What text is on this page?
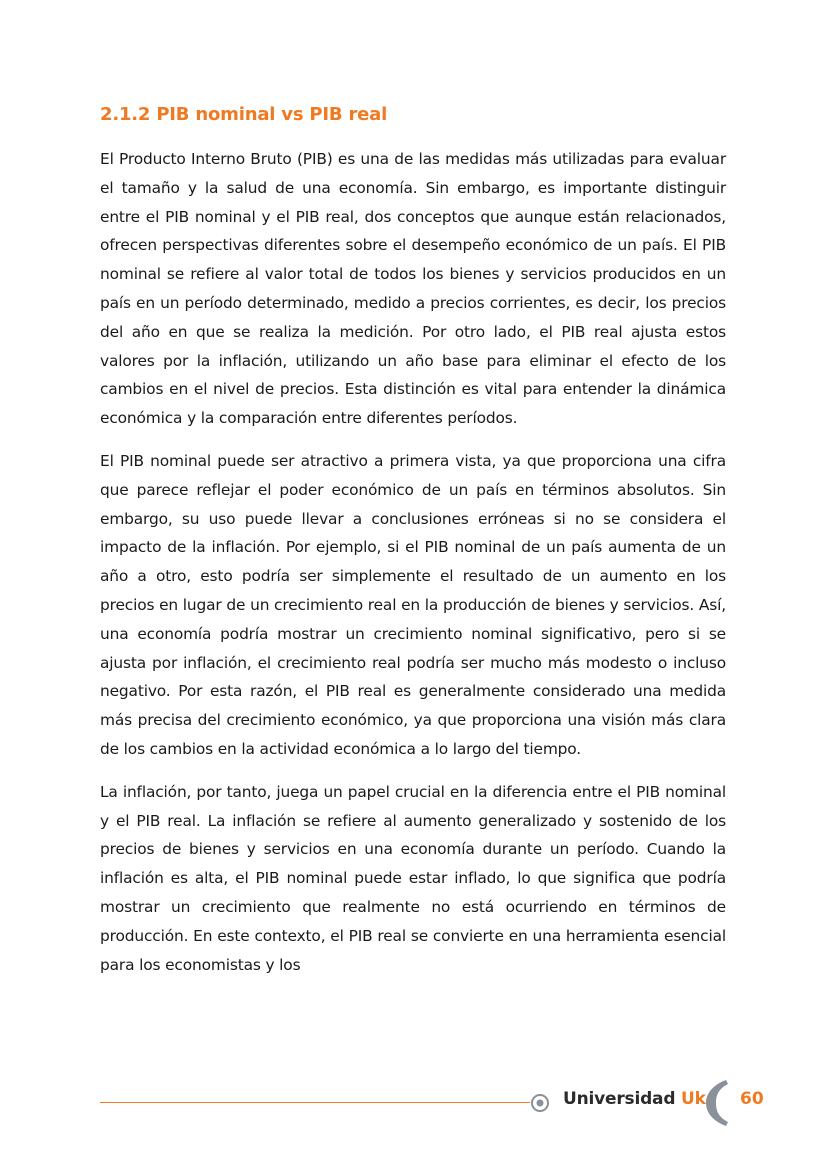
2.1.2 PIB nominal vs PIB real

El Producto Interno Bruto (PIB) es una de las medidas más utilizadas para evaluar el tamaño y la salud de una economía. Sin embargo, es importante distinguir entre el PIB nominal y el PIB real, dos conceptos que aunque están relacionados, ofrecen perspectivas diferentes sobre el desempeño económico de un país. El PIB nominal se refiere al valor total de todos los bienes y servicios producidos en un país en un período determinado, medido a precios corrientes, es decir, los precios del año en que se realiza la medición. Por otro lado, el PIB real ajusta estos valores por la inflación, utilizando un año base para eliminar el efecto de los cambios en el nivel de precios. Esta distinción es vital para entender la dinámica económica y la comparación entre diferentes períodos.

El PIB nominal puede ser atractivo a primera vista, ya que proporciona una cifra que parece reflejar el poder económico de un país en términos absolutos. Sin embargo, su uso puede llevar a conclusiones erróneas si no se considera el impacto de la inflación. Por ejemplo, si el PIB nominal de un país aumenta de un año a otro, esto podría ser simplemente el resultado de un aumento en los precios en lugar de un crecimiento real en la producción de bienes y servicios. Así, una economía podría mostrar un crecimiento nominal significativo, pero si se ajusta por inflación, el crecimiento real podría ser mucho más modesto o incluso negativo. Por esta razón, el PIB real es generalmente considerado una medida más precisa del crecimiento económico, ya que proporciona una visión más clara de los cambios en la actividad económica a lo largo del tiempo.

La inflación, por tanto, juega un papel crucial en la diferencia entre el PIB nominal y el PIB real. La inflación se refiere al aumento generalizado y sostenido de los precios de bienes y servicios en una economía durante un período. Cuando la inflación es alta, el PIB nominal puede estar inflado, lo que significa que podría mostrar un crecimiento que realmente no está ocurriendo en términos de producción. En este contexto, el PIB real se convierte en una herramienta esencial para los economistas y los

Universidad Uk 60
